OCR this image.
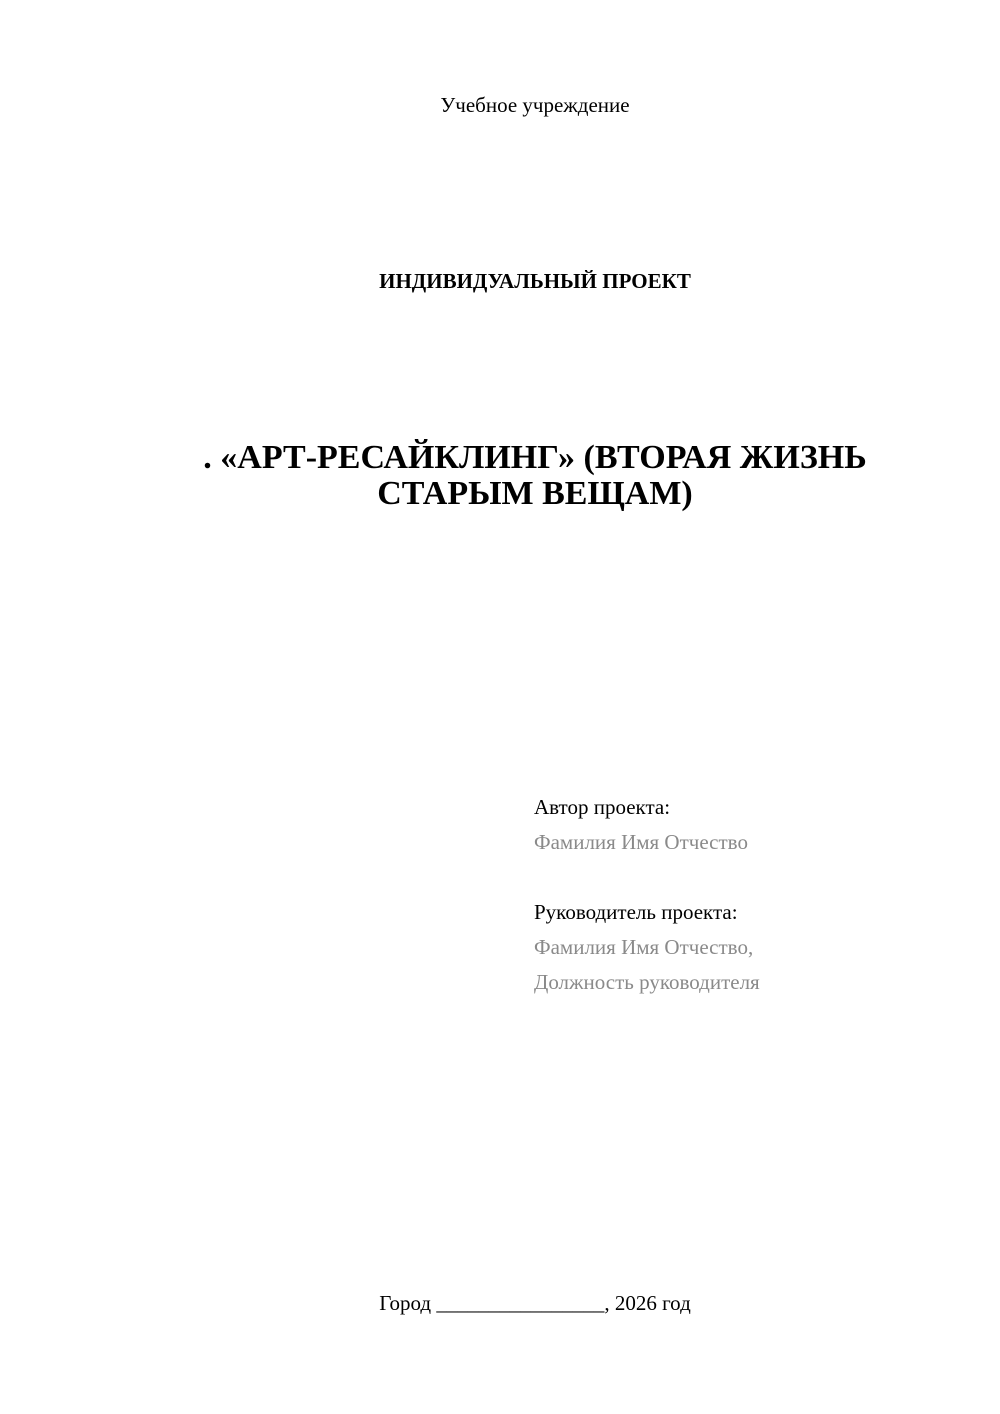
Учебное учреждение
ИНДИВИДУАЛЬНЫЙ ПРОЕКТ
. «АРТ-РЕСАЙКЛИНГ» (ВТОРАЯ ЖИЗНЬ
СТАРЫМ ВЕЩАМ)
Автор проекта:
Фамилия Имя Отчество
Руководитель проекта:
Фамилия Имя Отчество,
Должность руководителя
Город ________________, 2026 год
